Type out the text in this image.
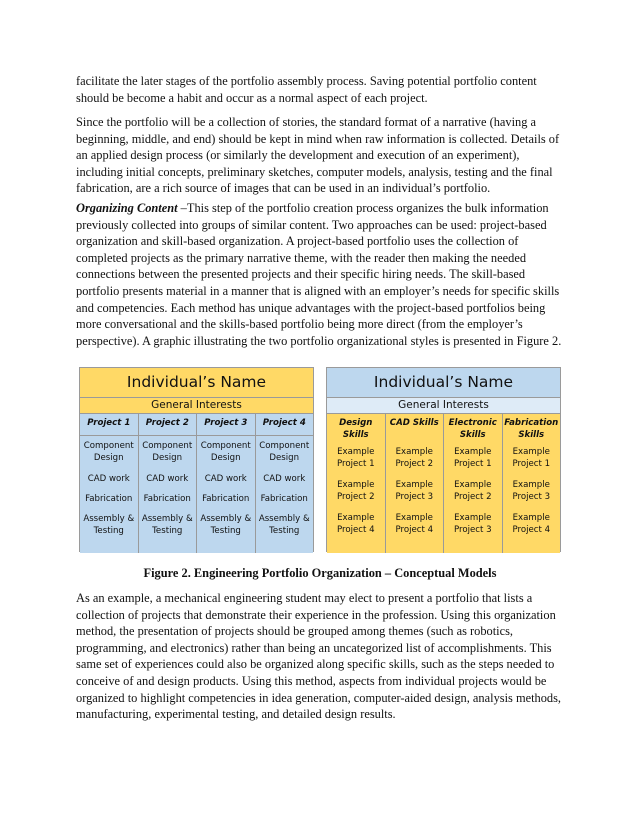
facilitate the later stages of the portfolio assembly process. Saving potential portfolio content should be become a habit and occur as a normal aspect of each project.

Since the portfolio will be a collection of stories, the standard format of a narrative (having a beginning, middle, and end) should be kept in mind when raw information is collected. Details of an applied design process (or similarly the development and execution of an experiment), including initial concepts, preliminary sketches, computer models, analysis, testing and the final fabrication, are a rich source of images that can be used in an individual’s portfolio.

Organizing Content –This step of the portfolio creation process organizes the bulk information previously collected into groups of similar content. Two approaches can be used: project-based organization and skill-based organization. A project-based portfolio uses the collection of completed projects as the primary narrative theme, with the reader then making the needed connections between the presented projects and their specific hiring needs. The skill-based portfolio presents material in a manner that is aligned with an employer’s needs for specific skills and competencies. Each method has unique advantages with the project-based portfolios being more conversational and the skills-based portfolio being more direct (from the employer’s perspective). A graphic illustrating the two portfolio organizational styles is presented in Figure 2.

Individual’s Name
General Interests
Project 1
Component Design
CAD work
Fabrication
Assembly & Testing
Project 2
Component Design
CAD work
Fabrication
Assembly & Testing
Project 3
Component Design
CAD work
Fabrication
Assembly & Testing
Project 4
Component Design
CAD work
Fabrication
Assembly & Testing
Individual’s Name
General Interests
Design Skills
Example Project 1
Example Project 2
Example Project 4
CAD Skills
Example Project 2
Example Project 3
Example Project 4
Electronic Skills
Example Project 1
Example Project 2
Example Project 3
Fabrication Skills
Example Project 1
Example Project 3
Example Project 4
Figure 2. Engineering Portfolio Organization – Conceptual Models

As an example, a mechanical engineering student may elect to present a portfolio that lists a collection of projects that demonstrate their experience in the profession. Using this organization method, the presentation of projects should be grouped among themes (such as robotics, programming, and electronics) rather than being an uncategorized list of accomplishments. This same set of experiences could also be organized along specific skills, such as the steps needed to conceive of and design products. Using this method, aspects from individual projects would be organized to highlight competencies in idea generation, computer-aided design, analysis methods, manufacturing, experimental testing, and detailed design results.
